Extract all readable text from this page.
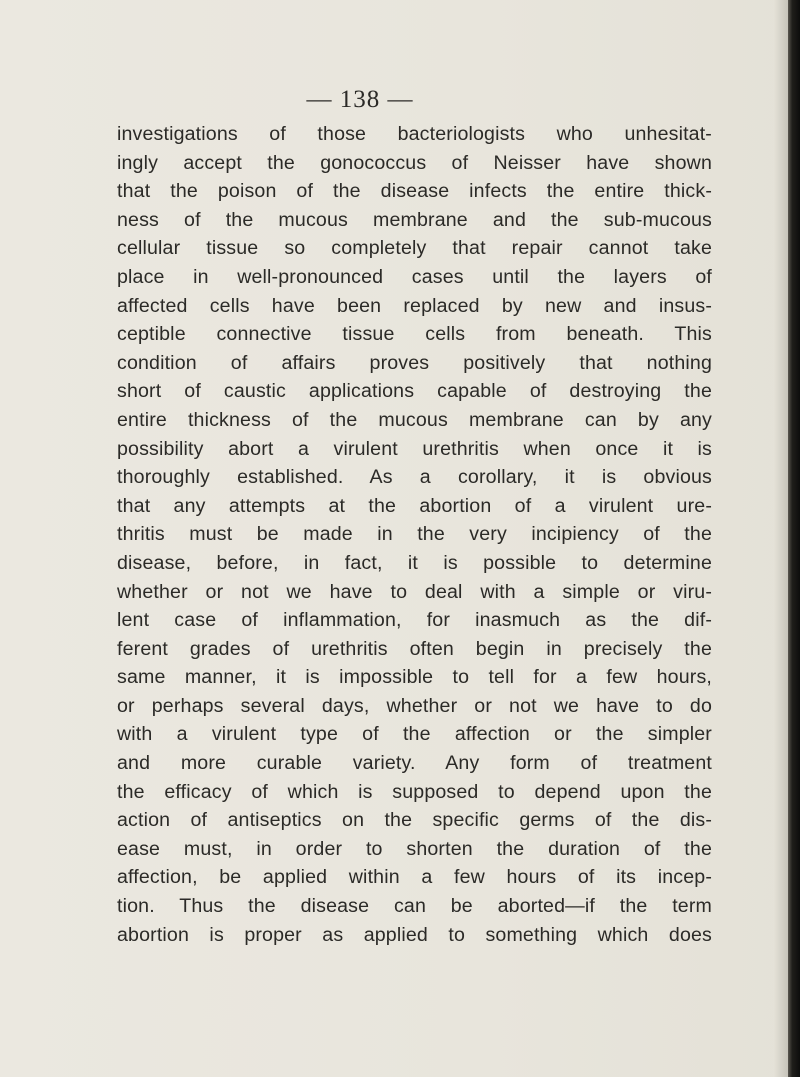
— 138 —
investigations of those bacteriologists who unhesitat-
ingly accept the gonococcus of Neisser have shown
that the poison of the disease infects the entire thick-
ness of the mucous membrane and the sub-mucous
cellular tissue so completely that repair cannot take
place in well-pronounced cases until the layers of
affected cells have been replaced by new and insus-
ceptible connective tissue cells from beneath. This
condition of affairs proves positively that nothing
short of caustic applications capable of destroying the
entire thickness of the mucous membrane can by any
possibility abort a virulent urethritis when once it is
thoroughly established. As a corollary, it is obvious
that any attempts at the abortion of a virulent ure-
thritis must be made in the very incipiency of the
disease, before, in fact, it is possible to determine
whether or not we have to deal with a simple or viru-
lent case of inflammation, for inasmuch as the dif-
ferent grades of urethritis often begin in precisely the
same manner, it is impossible to tell for a few hours,
or perhaps several days, whether or not we have to do
with a virulent type of the affection or the simpler
and more curable variety. Any form of treatment
the efficacy of which is supposed to depend upon the
action of antiseptics on the specific germs of the dis-
ease must, in order to shorten the duration of the
affection, be applied within a few hours of its incep-
tion. Thus the disease can be aborted—if the term
abortion is proper as applied to something which does
